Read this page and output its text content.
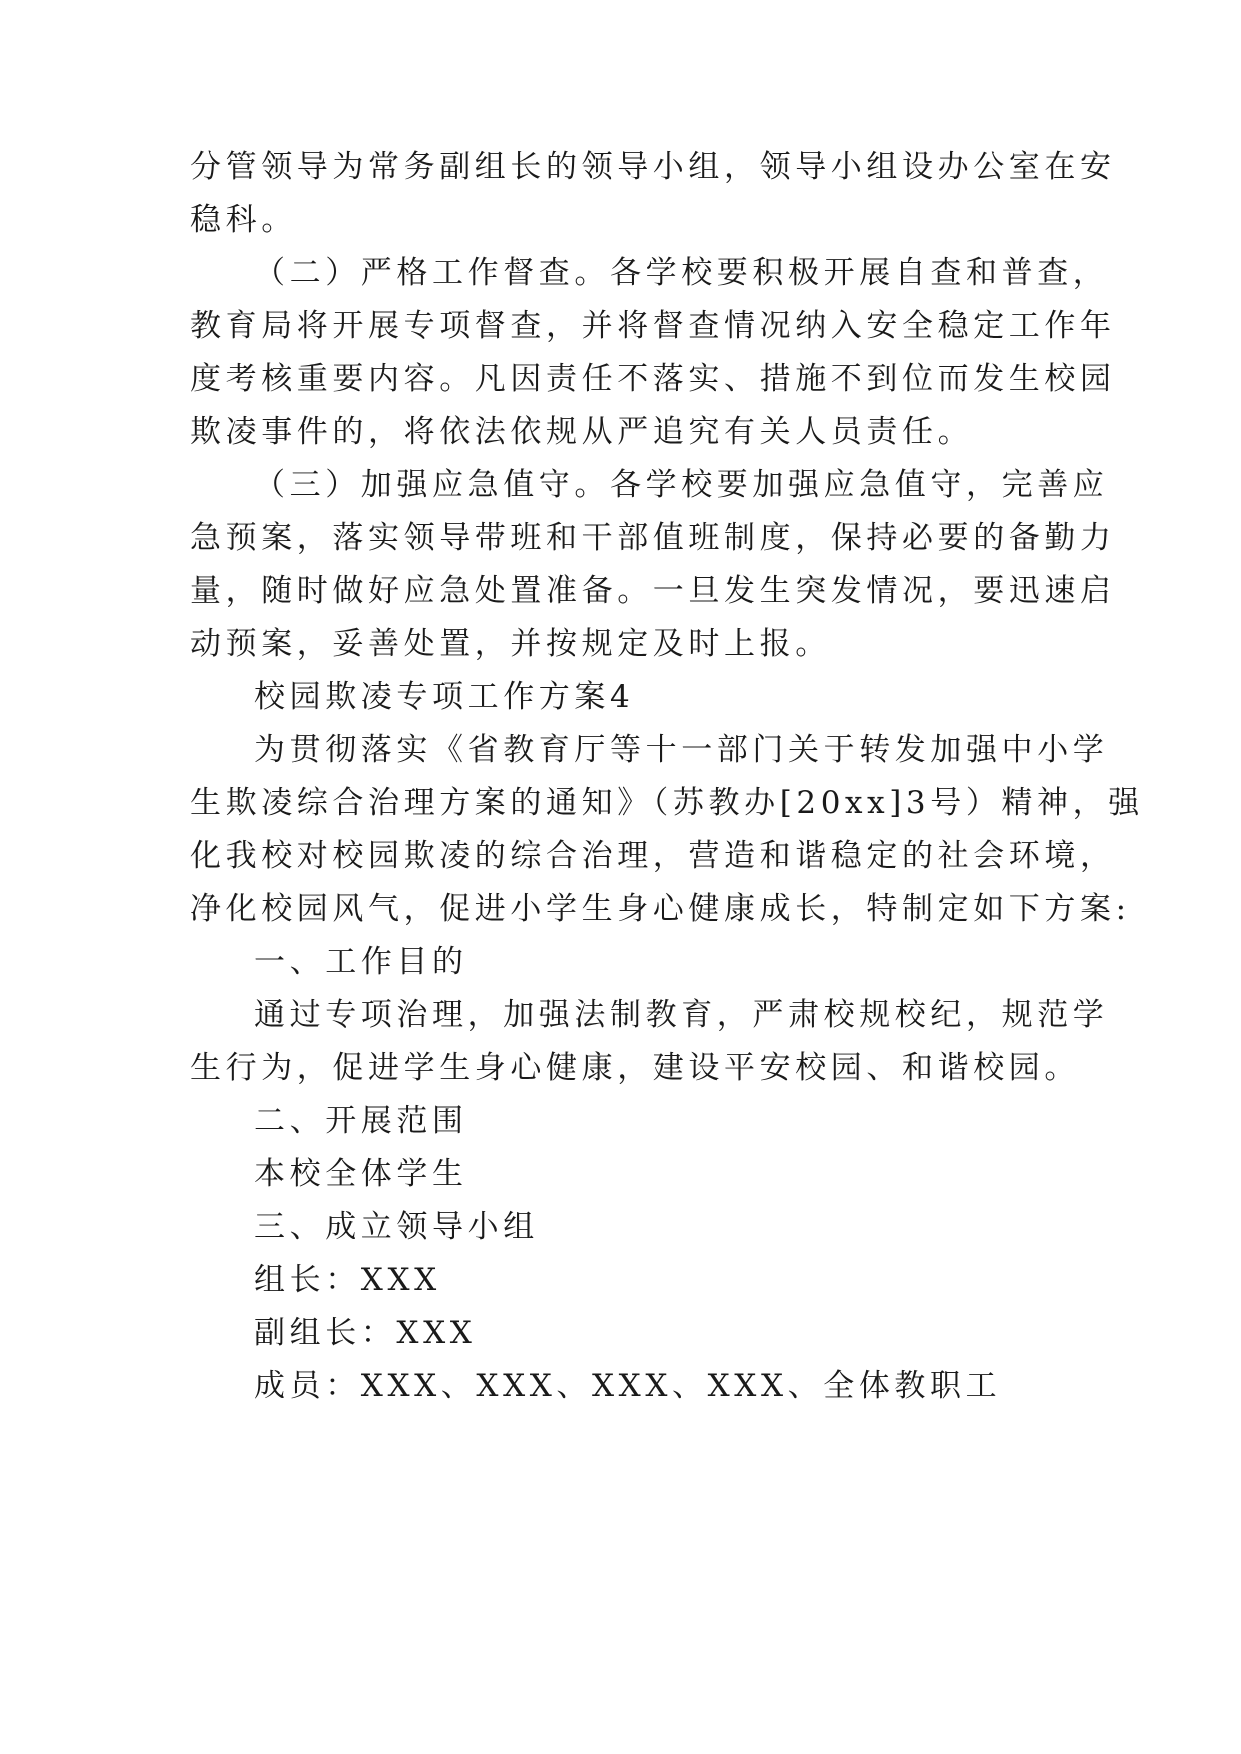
分管领导为常务副组长的领导小组，领导小组设办公室在安
稳科。
（二）严格工作督查。各学校要积极开展自查和普查，
教育局将开展专项督查，并将督查情况纳入安全稳定工作年
度考核重要内容。凡因责任不落实、措施不到位而发生校园
欺凌事件的，将依法依规从严追究有关人员责任。
（三）加强应急值守。各学校要加强应急值守，完善应
急预案，落实领导带班和干部值班制度，保持必要的备勤力
量，随时做好应急处置准备。一旦发生突发情况，要迅速启
动预案，妥善处置，并按规定及时上报。
校园欺凌专项工作方案4
为贯彻落实《省教育厅等十一部门关于转发加强中小学
生欺凌综合治理方案的通知》（苏教办[20xx]3号）精神，强
化我校对校园欺凌的综合治理，营造和谐稳定的社会环境，
净化校园风气，促进小学生身心健康成长，特制定如下方案:
一、工作目的
通过专项治理，加强法制教育，严肃校规校纪，规范学
生行为，促进学生身心健康，建设平安校园、和谐校园。
二、开展范围
本校全体学生
三、成立领导小组
组长：XXX
副组长：XXX
成员：XXX、XXX、XXX、XXX、全体教职工
